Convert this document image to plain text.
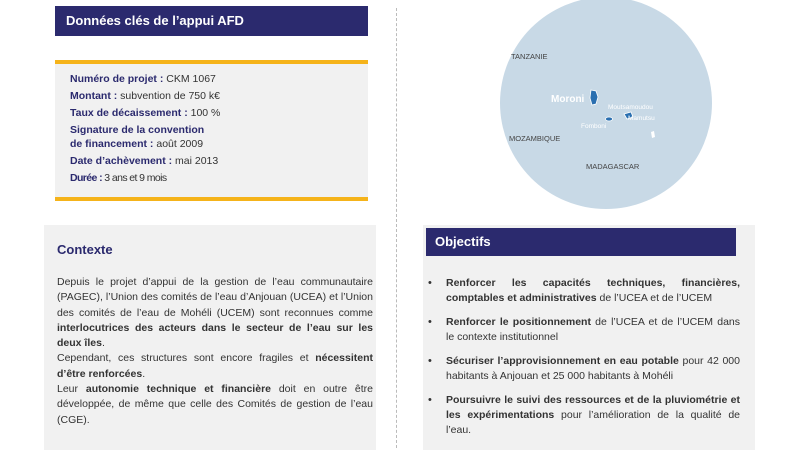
Données clés de l’appui AFD
Numéro de projet : CKM 1067
Montant : subvention de 750 k€
Taux de décaissement : 100 %
Signature de la convention
de financement : août 2009
Date d’achèvement : mai 2013
Durée : 3 ans et 9 mois
TANZANIE
MOZAMBIQUE
MADAGASCAR
Moroni
Moutsamoudou
Mamutsu
Fomboni
Contexte

Depuis le projet d’appui de la gestion de l’eau communautaire (PAGEC), l’Union des comités de l’eau d’Anjouan (UCEA) et l’Union des comités de l’eau de Mohéli (UCEM) sont reconnues comme interlocutrices des acteurs dans le secteur de l’eau sur les deux îles.

Cependant, ces structures sont encore fragiles et nécessitent d’être renforcées.

Leur autonomie technique et financière doit en outre être développée, de même que celle des Comités de gestion de l’eau (CGE).

Objectifs
• Renforcer les capacités techniques, financières, comptables et administratives de l’UCEA et de l’UCEM
• Renforcer le positionnement de l’UCEA et de l’UCEM dans le contexte institutionnel
• Sécuriser l’approvisionnement en eau potable pour 42 000 habitants à Anjouan et 25 000 habitants à Mohéli
• Poursuivre le suivi des ressources et de la pluviométrie et les expérimentations pour l’amélioration de la qualité de l’eau.
